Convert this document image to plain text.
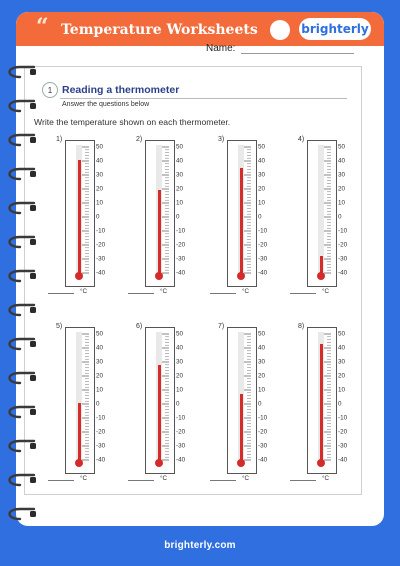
“ Temperature Worksheets	brighterly
Name:
1 Reading a thermometer
Answer the questions below
Write the temperature shown on each thermometer.
1)
50
40
30
20
10
0
-10
-20
-30
-40
°C
2)
50
40
30
20
10
0
-10
-20
-30
-40
°C
3)
50
40
30
20
10
0
-10
-20
-30
-40
°C
4)
50
40
30
20
10
0
-10
-20
-30
-40
°C
5)
50
40
30
20
10
0
-10
-20
-30
-40
°C
6)
50
40
30
20
10
0
-10
-20
-30
-40
°C
7)
50
40
30
20
10
0
-10
-20
-30
-40
°C
8)
50
40
30
20
10
0
-10
-20
-30
-40
°C
brighterly.com
